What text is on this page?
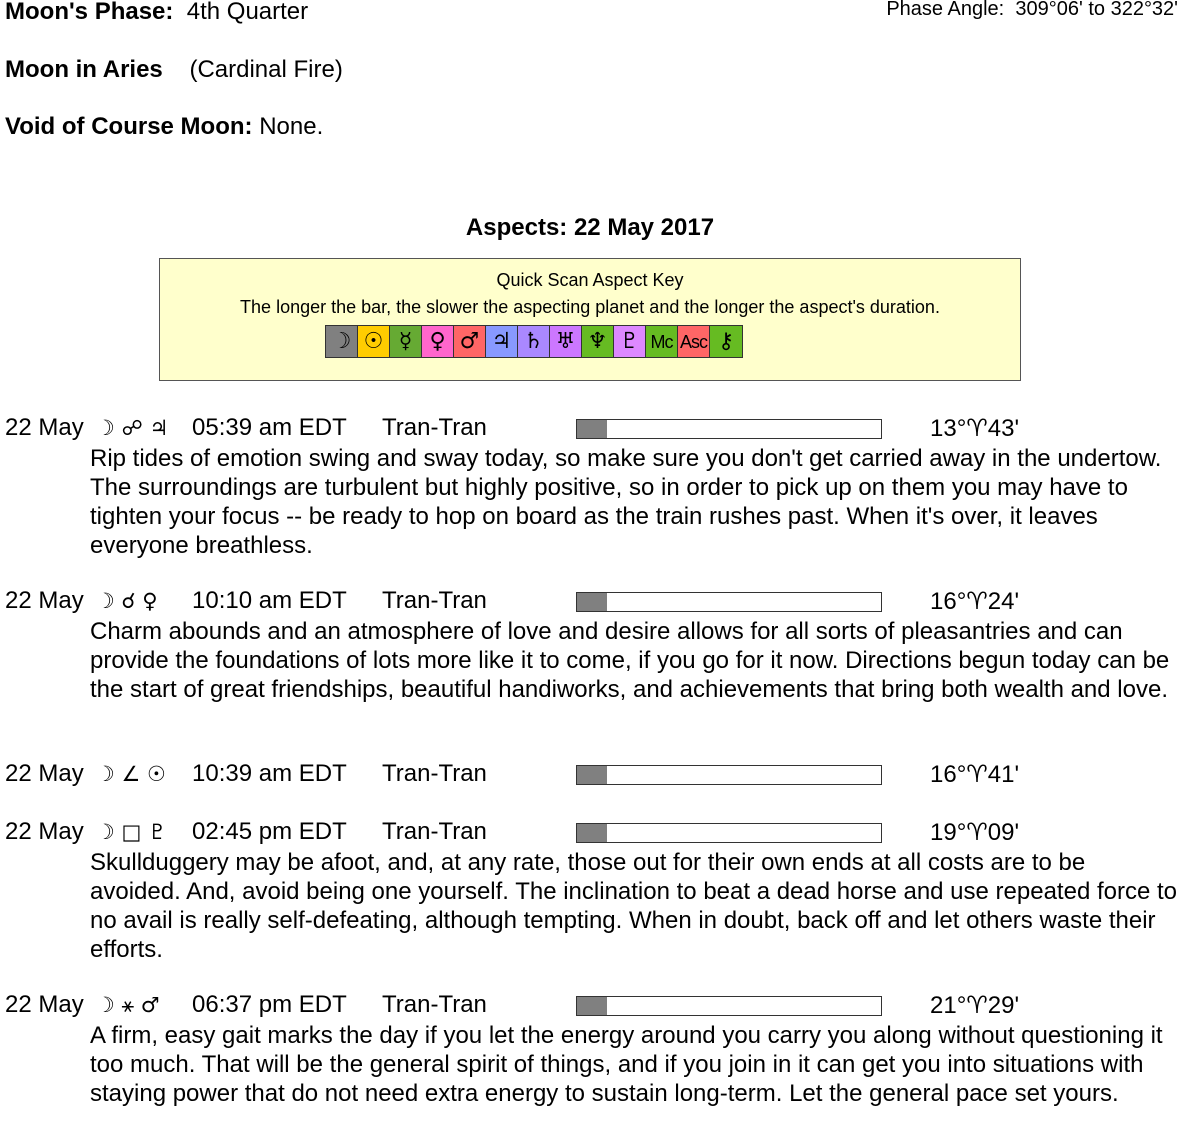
Moon's Phase: 4th Quarter	Phase Angle: 309°06' to 322°32'
Moon in Aries (Cardinal Fire)
Void of Course Moon: None.
Aspects: 22 May 2017
Quick Scan Aspect Key
The longer the bar, the slower the aspecting planet and the longer the aspect's duration.
☽ ☉ ☿ ♀ ♂ ♃ ♄ ♅ ♆ ♇ Mc Asc ⚷
22 May ☽ ☍ ♃ 05:39 am EDT Tran-Tran	13°♈43'
Rip tides of emotion swing and sway today, so make sure you don't get carried away in the undertow. The surroundings are turbulent but highly positive, so in order to pick up on them you may have to tighten your focus -- be ready to hop on board as the train rushes past. When it's over, it leaves everyone breathless.
22 May ☽ ☌ ♀ 10:10 am EDT Tran-Tran	16°♈24'
Charm abounds and an atmosphere of love and desire allows for all sorts of pleasantries and can provide the foundations of lots more like it to come, if you go for it now. Directions begun today can be the start of great friendships, beautiful handiworks, and achievements that bring both wealth and love.
22 May ☽ ∠ ☉ 10:39 am EDT Tran-Tran	16°♈41'
22 May ☽ □ ♇ 02:45 pm EDT Tran-Tran	19°♈09'
Skullduggery may be afoot, and, at any rate, those out for their own ends at all costs are to be avoided. And, avoid being one yourself. The inclination to beat a dead horse and use repeated force to no avail is really self-defeating, although tempting. When in doubt, back off and let others waste their efforts.
22 May ☽ ⚹ ♂ 06:37 pm EDT Tran-Tran	21°♈29'
A firm, easy gait marks the day if you let the energy around you carry you along without questioning it too much. That will be the general spirit of things, and if you join in it can get you into situations with staying power that do not need extra energy to sustain long-term. Let the general pace set yours.
